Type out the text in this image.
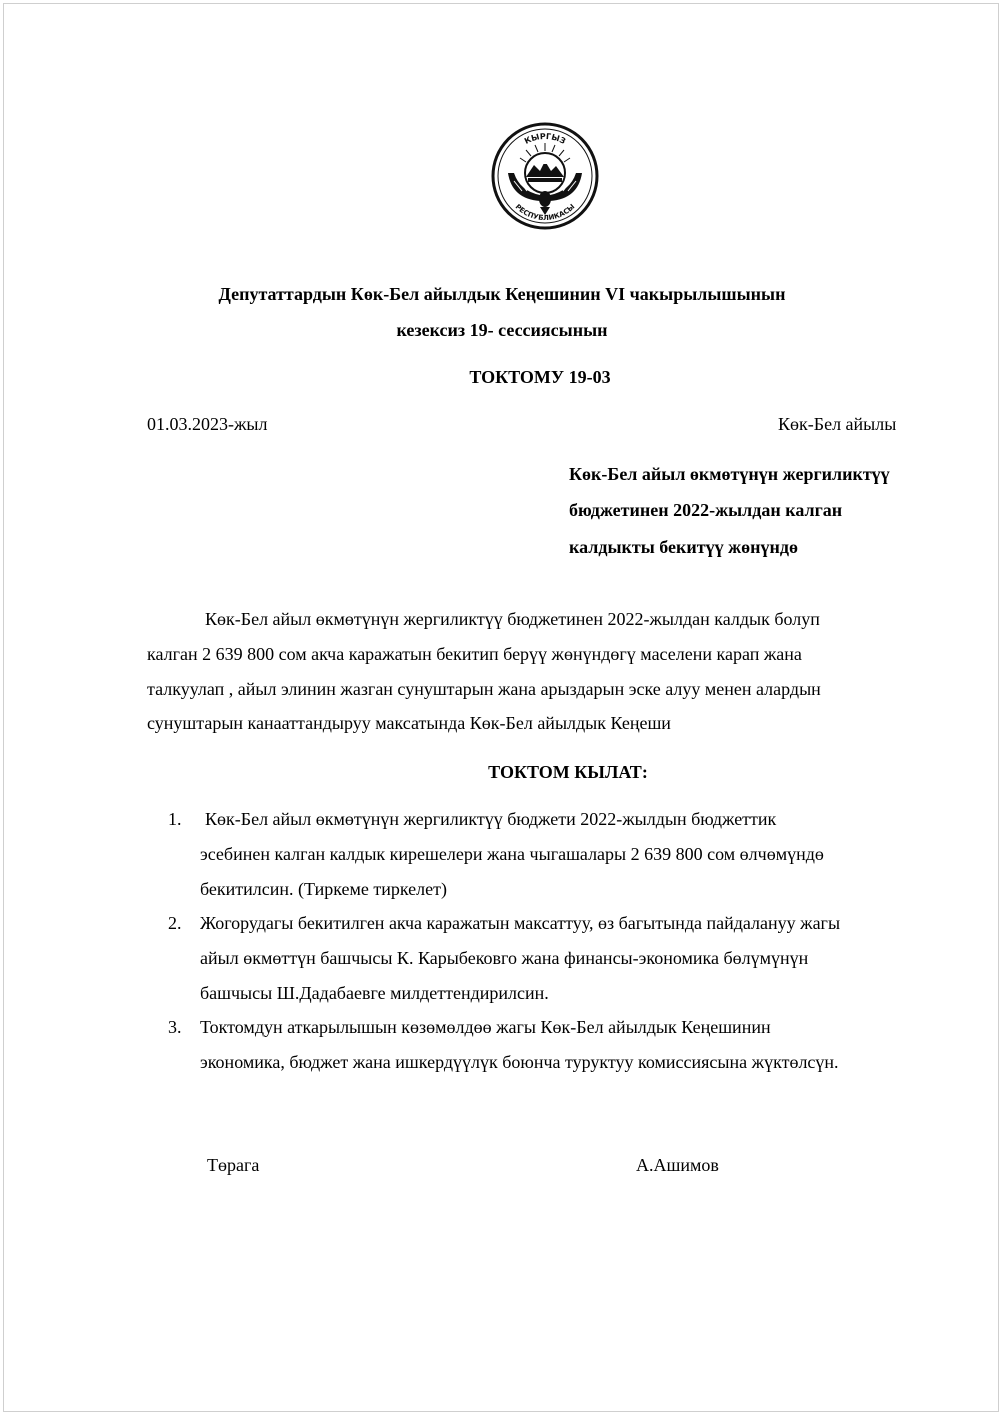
КЫРГЫЗ
РЕСПУБЛИКАСЫ
Депутаттардын Көк-Бел айылдык Кеңешинин VI чакырылышынын
кезексиз 19- сессиясынын
ТОКТОМУ 19-03
01.03.2023-жыл	Көк-Бел айылы
Көк-Бел айыл өкмөтүнүн жергиликтүү
бюджетинен 2022-жылдан калган
калдыкты бекитүү жөнүндө
Көк-Бел айыл өкмөтүнүн жергиликтүү бюджетинен 2022-жылдан калдык болуп
калган 2 639 800 сом акча каражатын бекитип берүү жөнүндөгү маселени карап жана
талкуулап , айыл элинин жазган сунуштарын жана арыздарын эске алуу менен алардын
сунуштарын канааттандыруу максатында Көк-Бел айылдык Кеңеши
ТОКТОМ КЫЛАТ:
1. Көк-Бел айыл өкмөтүнүн жергиликтүү бюджети 2022-жылдын бюджеттик
эсебинен калган калдык кирешелери жана чыгашалары 2 639 800 сом өлчөмүндө
бекитилсин. (Тиркеме тиркелет)
2. Жогорудагы бекитилген акча каражатын максаттуу, өз багытында пайдалануу жагы
айыл өкмөттүн башчысы К. Карыбековго жана финансы-экономика бөлүмүнүн
башчысы Ш.Дадабаевге милдеттендирилсин.
3. Токтомдун аткарылышын көзөмөлдөө жагы Көк-Бел айылдык Кеңешинин
экономика, бюджет жана ишкердүүлүк боюнча туруктуу комиссиясына жүктөлсүн.
Төрага	А.Ашимов
